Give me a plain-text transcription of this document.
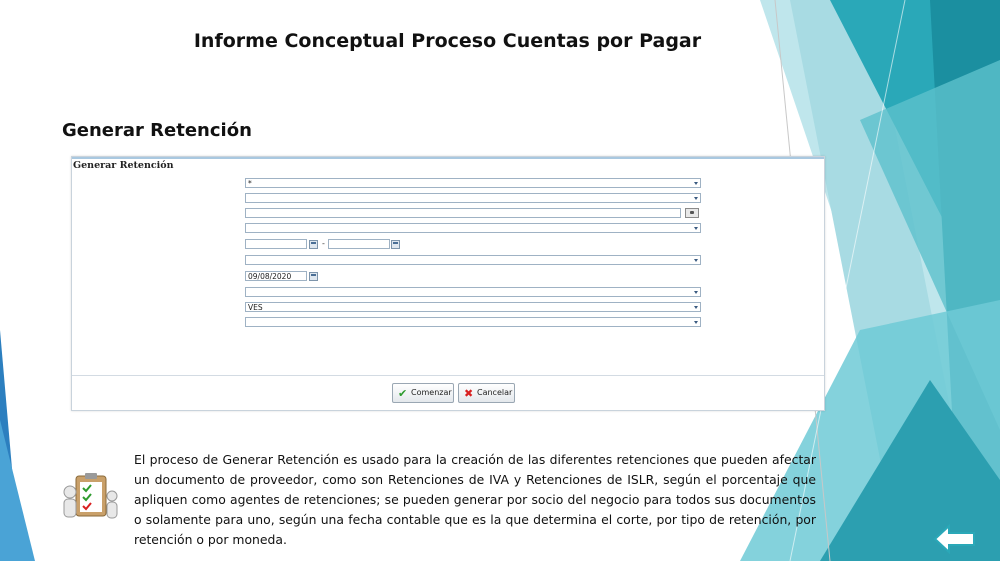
Informe Conceptual Proceso Cuentas por Pagar
Generar Retención
Generar Retención
*
-
09/08/2020
VES
✔ Comenzar ✖ Cancelar
El proceso de Generar Retención es usado para la creación de las diferentes retenciones que pueden afectar un documento de proveedor, como son Retenciones de IVA y Retenciones de ISLR, según el porcentaje que apliquen como agentes de retenciones; se pueden generar por socio del negocio para todos sus documentos o solamente para uno, según una fecha contable que es la que determina el corte, por tipo de retención, por retención o por moneda.
